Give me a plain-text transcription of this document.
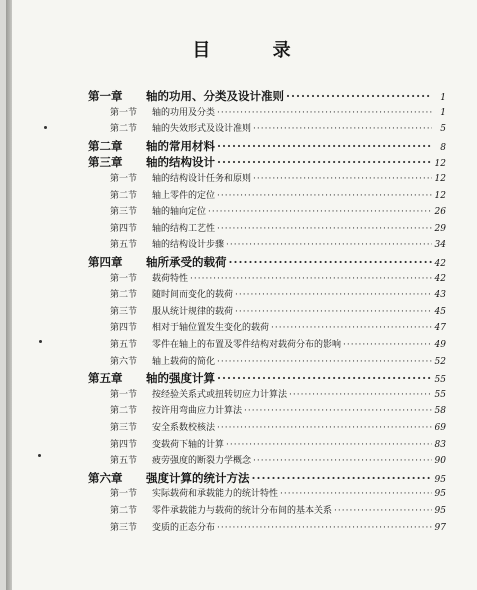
目 录
第一章	轴的功用、分类及设计准则 ·····	1
第一节	轴的功用及分类 ·····	1
第二节	轴的失效形式及设计准则 ·····	5
第二章	轴的常用材料 ·····	8
第三章	轴的结构设计 ·····	12
第一节	轴的结构设计任务和原则 ·····	12
第二节	轴上零件的定位 ·····	12
第三节	轴的轴向定位 ·····	26
第四节	轴的结构工艺性 ·····	29
第五节	轴的结构设计步骤 ·····	34
第四章	轴所承受的载荷 ·····	42
第一节	载荷特性 ·····	42
第二节	随时间而变化的载荷 ·····	43
第三节	服从统计规律的载荷 ·····	45
第四节	相对于轴位置发生变化的载荷 ·····	47
第五节	零件在轴上的布置及零件结构对载荷分布的影响 ·····	49
第六节	轴上载荷的简化 ·····	52
第五章	轴的强度计算 ·····	55
第一节	按经验关系式或扭转切应力计算法 ·····	55
第二节	按许用弯曲应力计算法 ·····	58
第三节	安全系数校核法 ·····	69
第四节	变载荷下轴的计算 ·····	83
第五节	疲劳强度的断裂力学概念 ·····	90
第六章	强度计算的统计方法 ·····	95
第一节	实际载荷和承载能力的统计特性 ·····	95
第二节	零件承载能力与载荷的统计分布间的基本关系 ·····	95
第三节	变质的正态分布 ·····	97
